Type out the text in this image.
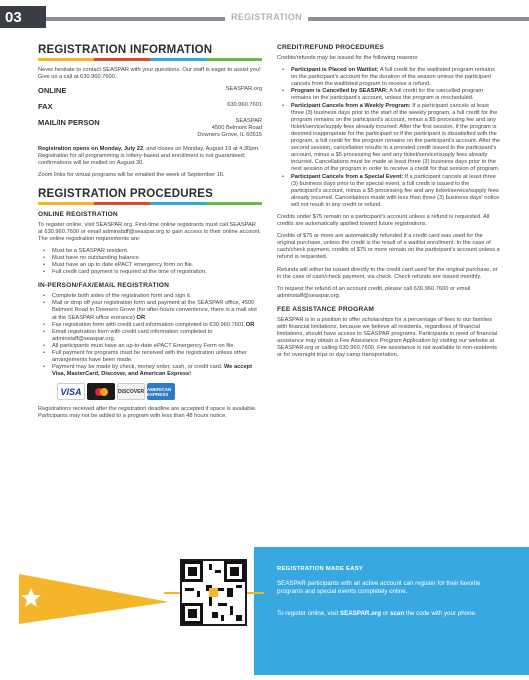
03	REGISTRATION
REGISTRATION INFORMATION

Never hesitate to contact SEASPAR with your questions. Our staff is eager to assist you! Give us a call at 630.960.7600.

ONLINE	SEASPAR.org
FAX	630.960.7601
MAIL/IN PERSON	SEASPAR
4500 Belmont Road
Downers Grove, IL 60515

Registration opens on Monday, July 22, and closes on Monday, August 19 at 4:30pm. Registration for all programming is lottery-based and enrollment is not guaranteed; confirmations will be mailed on August 30.

Zoom links for virtual programs will be emailed the week of September 16.

REGISTRATION PROCEDURES
ONLINE REGISTRATION

To register online, visit SEASPAR.org. First-time online registrants must call SEASPAR at 630.960.7600 or email adminstaff@seaspar.org to gain access to their online account. The online registration requirements are:

• Must be a SEASPAR resident.
• Must have no outstanding balance.
• Must have an up to date ePACT emergency form on file.
• Full credit card payment is required at the time of registration.
IN-PERSON/FAX/EMAIL REGISTRATION
• Complete both sides of the registration form and sign it.
• Mail or drop off your registration form and payment at the SEASPAR office, 4500 Belmont Road in Downers Grove (for after-hours convenience, there is a mail slot at the SEASPAR office entrance) OR
• Fax registration form with credit card information completed to 630.960.7601 OR
• Email registration form with credit card information completed to adminstaff@seaspar.org.
• All participants must have an up-to-date ePACT Emergency Form on file.
• Full payment for programs must be received with the registration unless other arrangements have been made.
• Payment may be made by check, money order, cash, or credit card. We accept Visa, MasterCard, Discover, and American Express!
VISA	DISCOVER AMERICAN EXPRESS

Registrations received after the registration deadline are accepted if space is available. Participants may not be added to a program with less than 48 hours notice.

CREDIT/REFUND PROCEDURES

Credits/refunds may be issued for the following reasons:

• Participant is Placed on Waitlist: A full credit for the waitlisted program remains on the participant's account for the duration of the season unless the participant cancels from the waitlisted program to receive a refund.
• Program is Cancelled by SEASPAR: A full credit for the cancelled program remains on the participant's account, unless the program is rescheduled.
• Participant Cancels from a Weekly Program: If a participant cancels at least three (3) business days prior to the start of the weekly program, a full credit for the program remains on the participant's account, minus a $5 processing fee and any ticket/service/supply fees already incurred. After the first session, if the program is deemed inappropriate for the participant or if the participant is dissatisfied with the program, a full credit for the program remains on the participant's account. After the second session, cancellation results in a prorated credit issued to the participant's account, minus a $5 processing fee and any ticket/service/supply fees already incurred. Cancellations must be made at least three (3) business days prior to the next session of the program in order to receive a credit for that session of program.
• Participant Cancels from a Special Event: If a participant cancels at least three (3) business days prior to the special event, a full credit is issued to the participant's account, minus a $5 processing fee and any ticket/service/supply fees already incurred. Cancellations made with less than three (3) business days' notice will not result in any credit or refund.

Credits under $75 remain on a participant's account unless a refund is requested. All credits are automatically applied toward future registrations.

Credits of $75 or more are automatically refunded if a credit card was used for the original purchase, unless the credit is the result of a waitlist enrollment. In the case of cash/check payment, credits of $75 or more remain on the participant's account unless a refund is requested.

Refunds will either be issued directly to the credit card used for the original purchase, or in the case of cash/check payment, via check. Check refunds are issued monthly.

To request the refund of an account credit, please call 630.960.7600 or email adminstaff@seaspar.org.

FEE ASSISTANCE PROGRAM

SEASPAR is in a position to offer scholarships for a percentage of fees to our families with financial limitations, because we believe all residents, regardless of financial limitations, should have access to SEASPAR programs. Participants in need of financial assistance may obtain a Fee Assistance Program Application by visiting our website at SEASPAR.org or calling 630.960.7600. Fee assistance is not available to non-residents or for overnight trips or day camp transportation.

REGISTRATION MADE EASY
SEASPAR participants with an active account can register for their favorite programs and special events completely online.
To register online, visit SEASPAR.org or scan the code with your phone.
